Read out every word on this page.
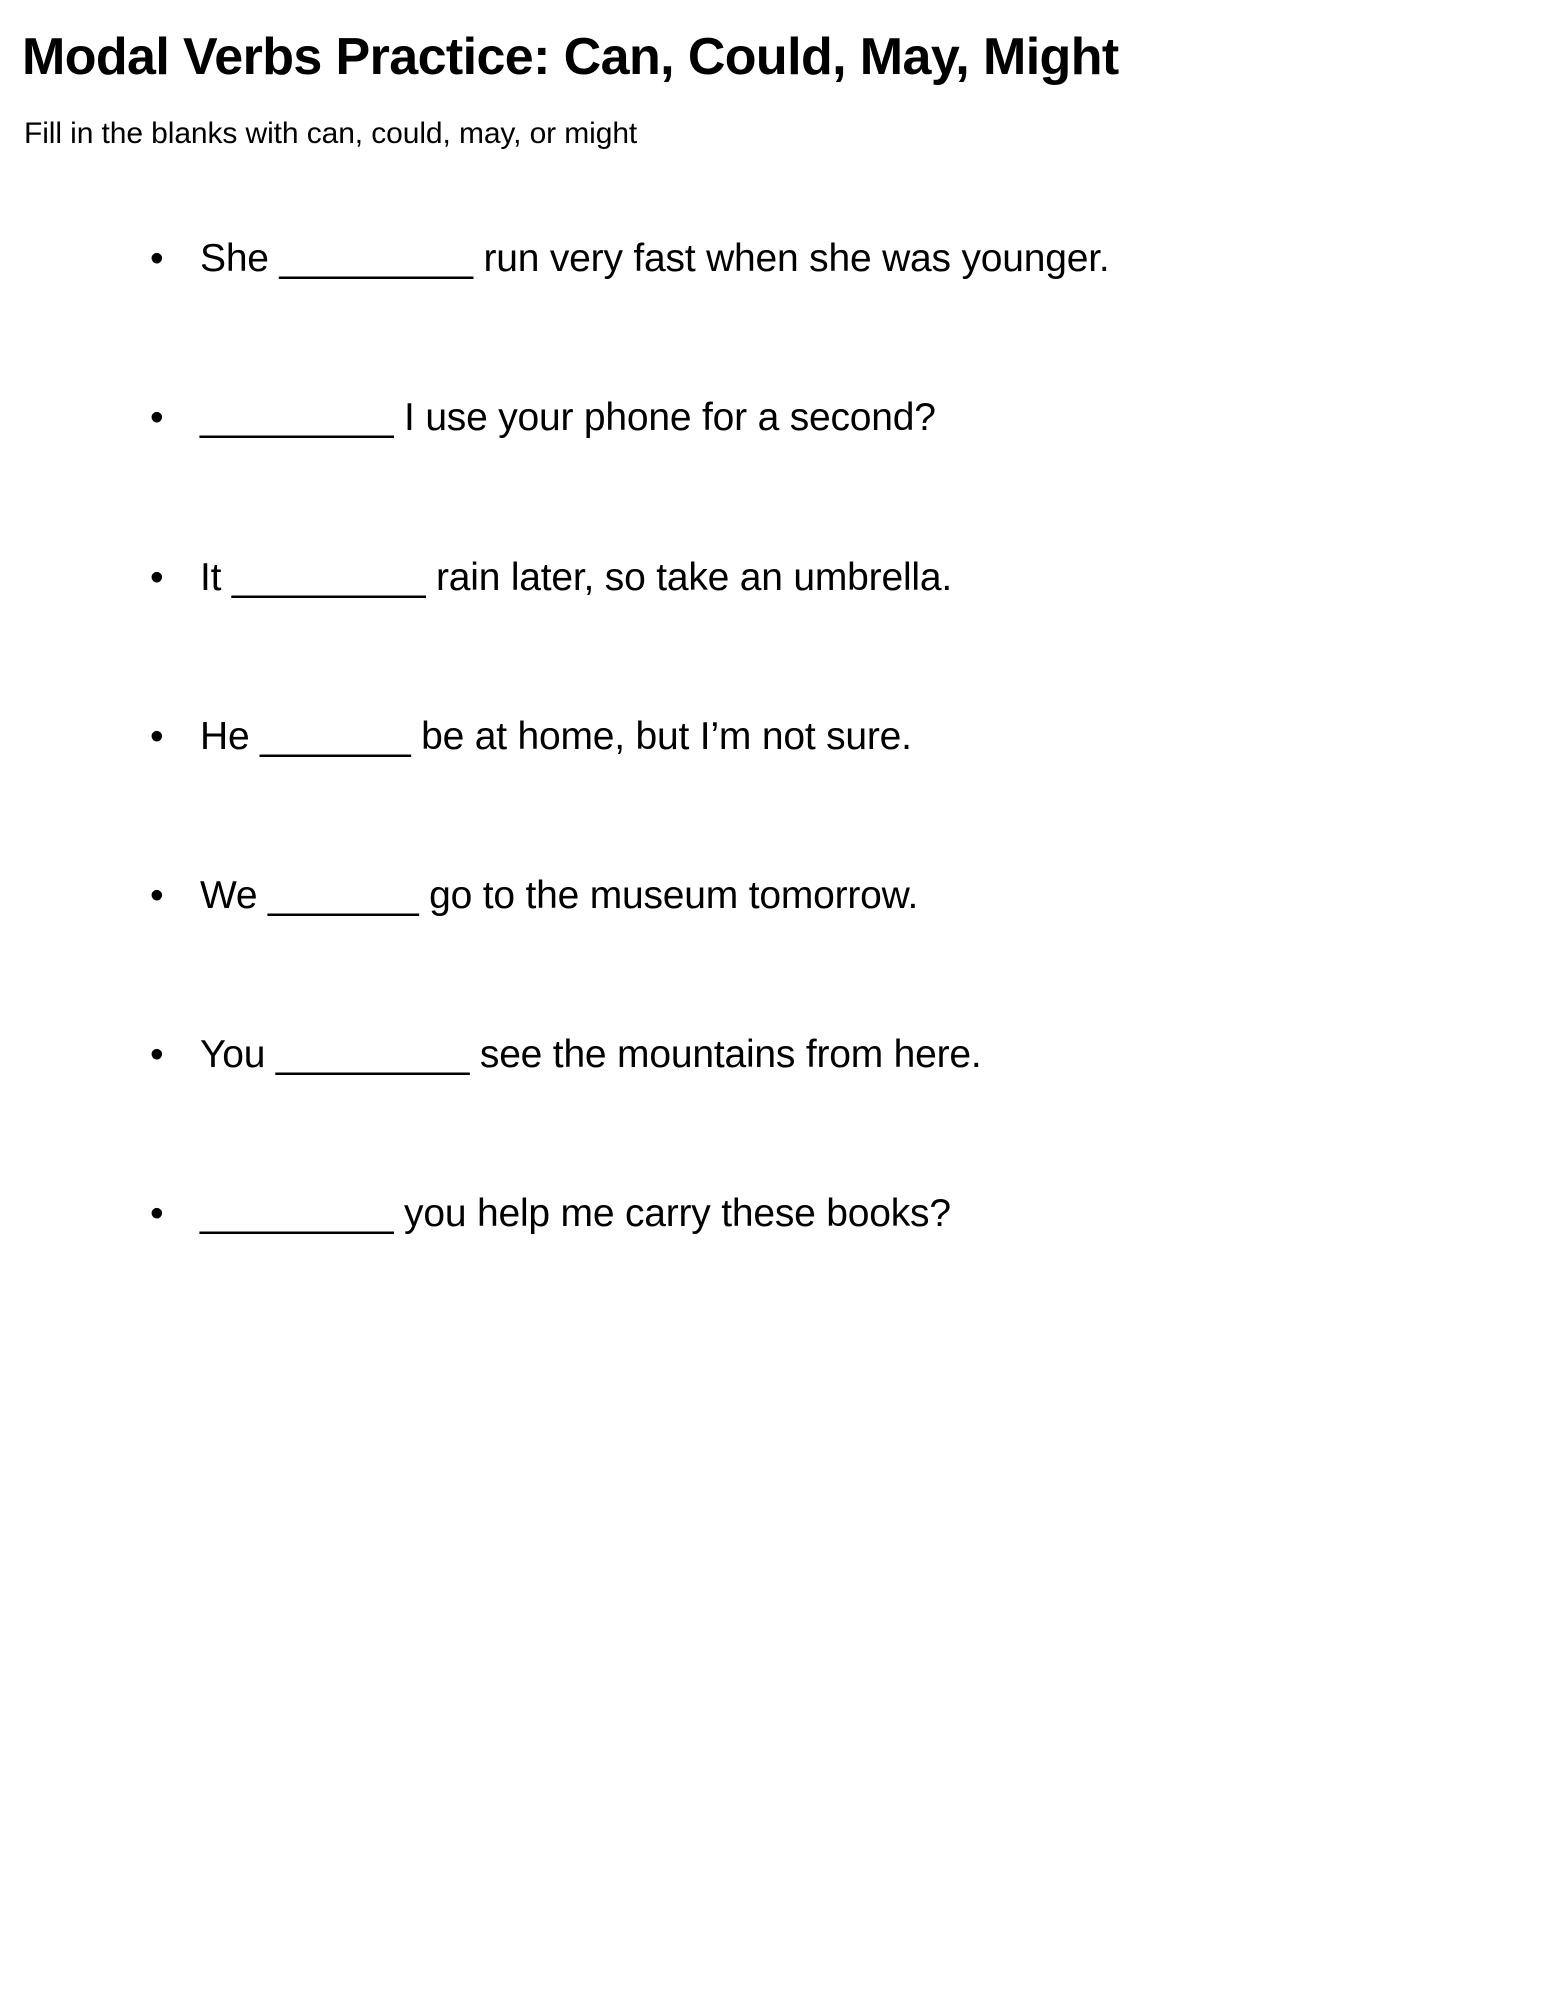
Modal Verbs Practice: Can, Could, May, Might

Fill in the blanks with can, could, may, or might

• She _________ run very fast when she was younger.
• _________ I use your phone for a second?
• It _________ rain later, so take an umbrella.
• He _______ be at home, but I’m not sure.
• We _______ go to the museum tomorrow.
• You _________ see the mountains from here.
• _________ you help me carry these books?
